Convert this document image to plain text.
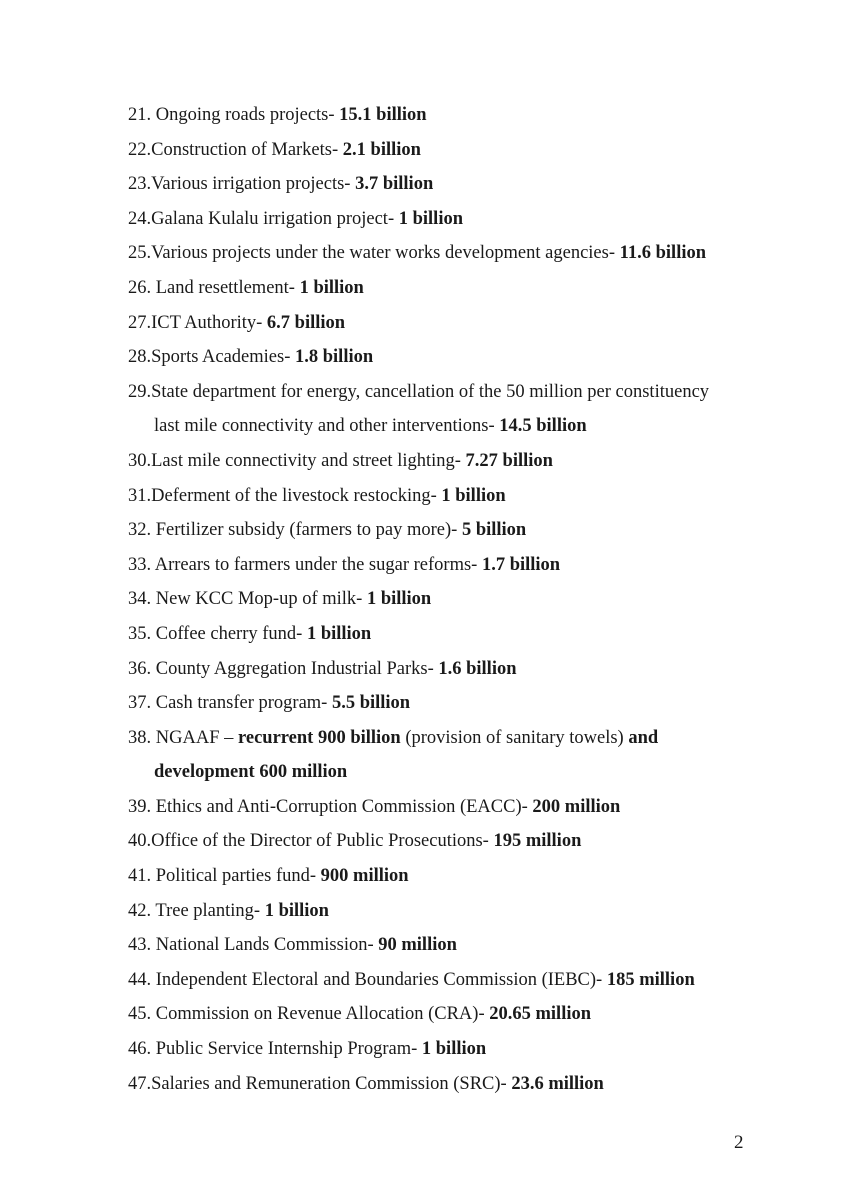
21. Ongoing roads projects- 15.1 billion
22.Construction of Markets- 2.1 billion
23.Various irrigation projects- 3.7 billion
24.Galana Kulalu irrigation project- 1 billion
25.Various projects under the water works development agencies- 11.6 billion
26. Land resettlement- 1 billion
27.ICT Authority- 6.7 billion
28.Sports Academies- 1.8 billion
29.State department for energy, cancellation of the 50 million per constituency
last mile connectivity and other interventions- 14.5 billion
30.Last mile connectivity and street lighting- 7.27 billion
31.Deferment of the livestock restocking- 1 billion
32. Fertilizer subsidy (farmers to pay more)- 5 billion
33. Arrears to farmers under the sugar reforms- 1.7 billion
34. New KCC Mop-up of milk- 1 billion
35. Coffee cherry fund- 1 billion
36. County Aggregation Industrial Parks- 1.6 billion
37. Cash transfer program- 5.5 billion
38. NGAAF – recurrent 900 billion (provision of sanitary towels) and
development 600 million
39. Ethics and Anti-Corruption Commission (EACC)- 200 million
40.Office of the Director of Public Prosecutions- 195 million
41. Political parties fund- 900 million
42. Tree planting- 1 billion
43. National Lands Commission- 90 million
44. Independent Electoral and Boundaries Commission (IEBC)- 185 million
45. Commission on Revenue Allocation (CRA)- 20.65 million
46. Public Service Internship Program- 1 billion
47.Salaries and Remuneration Commission (SRC)- 23.6 million
2
